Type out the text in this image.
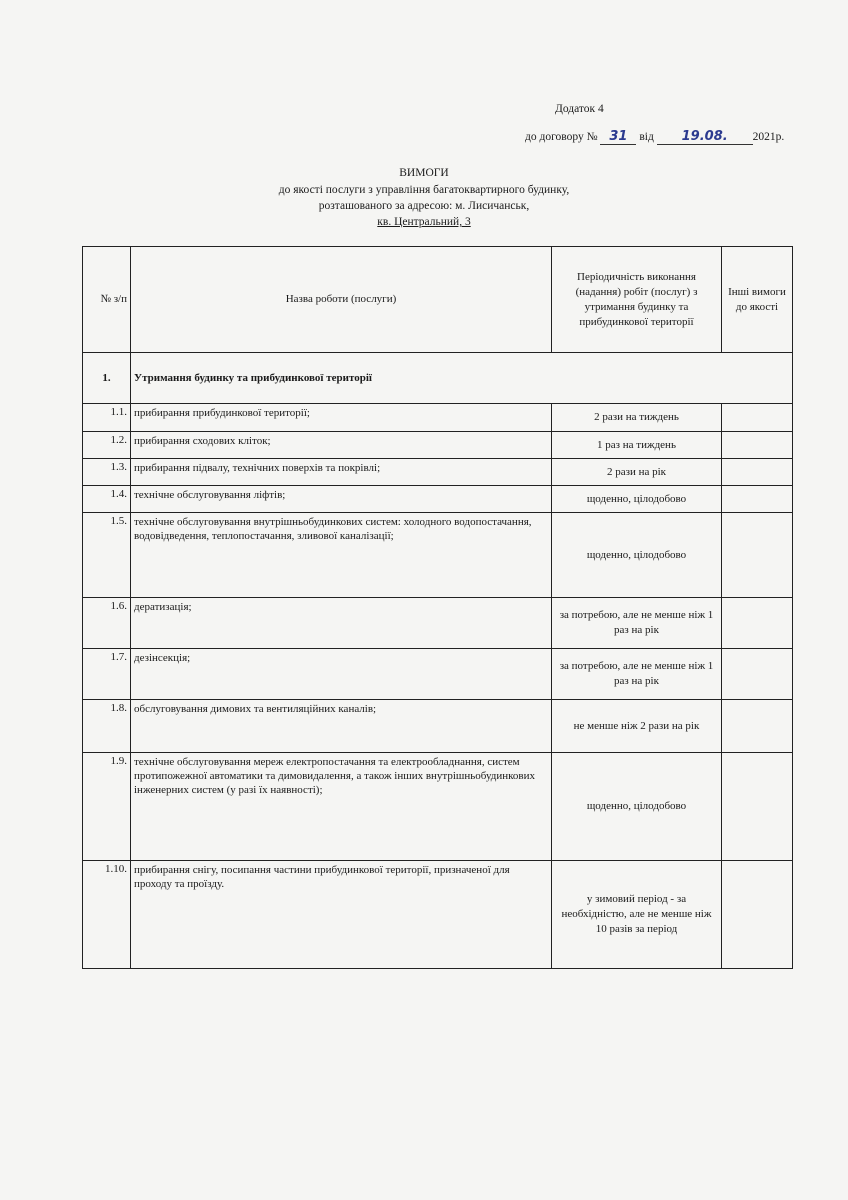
Додаток 4
до договору № 31 від 19.08. 2021р.
ВИМОГИ
до якості послуги з управління багатоквартирного будинку,
розташованого за адресою: м. Лисичанськ,
кв. Центральний, 3
№ з/п	Назва роботи (послуги)	Періодичність виконання (надання) робіт (послуг) з утримання будинку та прибудинкової території	Інші вимоги до якості
1.	Утримання будинку та прибудинкової території		
1.1.	прибирання прибудинкової території;	2 рази на тиждень	
1.2.	прибирання сходових кліток;	1 раз на тиждень	
1.3.	прибирання підвалу, технічних поверхів та покрівлі;	2 рази на рік	
1.4.	технічне обслуговування ліфтів;	щоденно, цілодобово	
1.5.	технічне обслуговування внутрішньобудинкових систем: холодного водопостачання, водовідведення, теплопостачання, зливової каналізації;	щоденно, цілодобово	
1.6.	дератизація;	за потребою, але не менше ніж 1 раз на рік	
1.7.	дезінсекція;	за потребою, але не менше ніж 1 раз на рік	
1.8.	обслуговування димових та вентиляційних каналів;	не менше ніж 2 рази на рік	
1.9.	технічне обслуговування мереж електропостачання та електрообладнання, систем протипожежної автоматики та димовидалення, а також інших внутрішньобудинкових інженерних систем (у разі їх наявності);	щоденно, цілодобово	
1.10.	прибирання снігу, посипання частини прибудинкової території, призначеної для проходу та проїзду.	у зимовий період - за необхідністю, але не менше ніж 10 разів за період	
